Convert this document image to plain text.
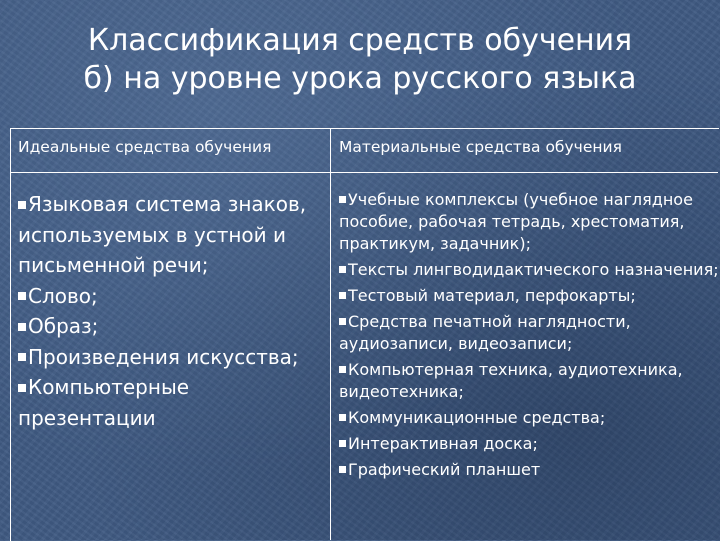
Классификация средств обучения
б) на уровне урока русского языка
Идеальные средства обучения	Материальные средства обучения
Языковая система знаков, используемых в устной и письменной речи;
Слово;
Образ;
Произведения искусства;
Компьютерные презентации
Учебные комплексы (учебное наглядное пособие, рабочая тетрадь, хрестоматия, практикум, задачник);
Тексты лингводидактического назначения;
Тестовый материал, перфокарты;
Средства печатной наглядности, аудиозаписи, видеозаписи;
Компьютерная техника, аудиотехника, видеотехника;
Коммуникационные средства;
Интерактивная доска;
Графический планшет
